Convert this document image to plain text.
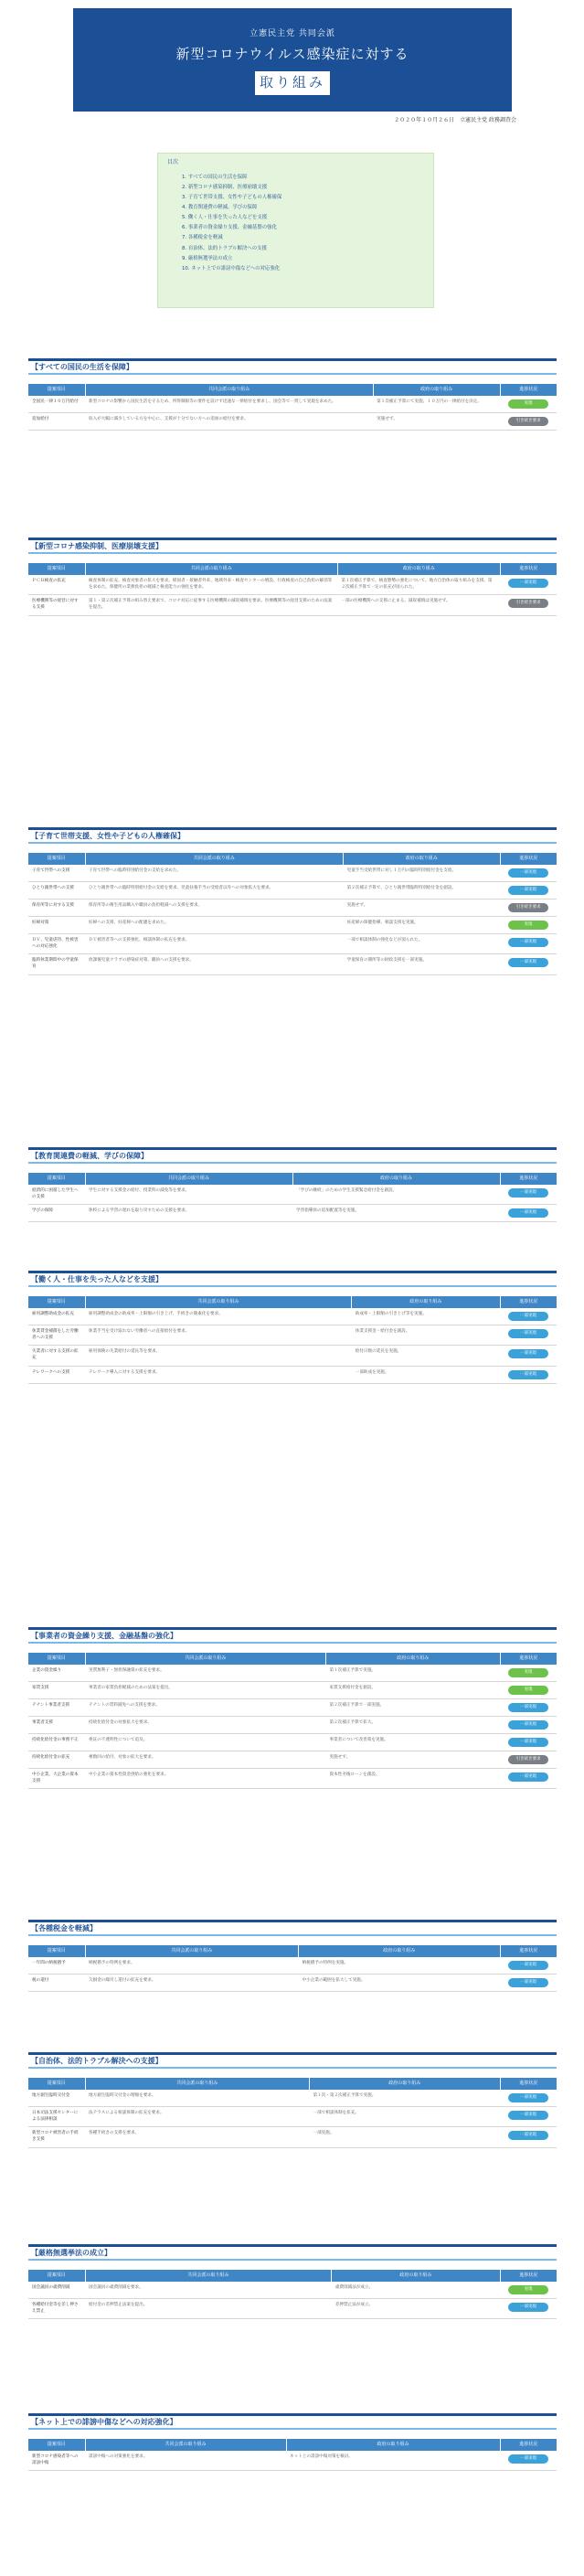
立憲民主党 共同会派
新型コロナウイルス感染症に対する
取り組み
２０２０年１０月２６日　立憲民主党 政務調査会
目次
1. すべての国民の生活を保障
2. 新型コロナ感染抑制、医療崩壊支援
3. 子育て世帯支援、女性や子どもの人権確保
4. 教育関連費の軽減、学びの保障
5. 働く人・仕事を失った人などを支援
6. 事業者の資金繰り支援、金融基盤の強化
7. 各種税金を軽減
8. 自治体、法的トラブル解決への支援
9. 厳格無選挙法の成立
10. ネット上での誹謗中傷などへの対応強化
【すべての国民の生活を保障】
提案項目	共同会派の取り組み	政府の取り組み	進捗状況
全国民一律１０万円給付	新型コロナの影響から国民生活を守るため、所得制限等の要件を設けず迅速な一律給付を要求し、国会等で一貫して実現を求めた。	第１次補正予算にて実施、１０万円の一律給付を決定。	実現
追加給付	収入が大幅に減少している方を中心に、支援が十分でない方への追加の給付を要求。	実施せず。	引き続き要求
【新型コロナ感染抑制、医療崩壊支援】
提案項目	共同会派の取り組み	政府の取り組み	進捗状況
ＰＣＲ検査の拡充	検査体制の拡充、検査対象者の拡大を要求。帰国者・接触者外来、地域外来・検査センターの増設、行政検査の自己負担の解消等を求めた。保健所の業務負担の軽減と検査能力の強化を要求。	第１次補正予算で、検査態勢の強化について、地方自治体の取り組みを支援。第２次補正予算で一定の拡充が図られた。	一部実現
医療機関等の経営に対する支援	第１・第２次補正予算の組み替え要求で、コロナ対応に従事する医療機関の減収補填を要求。医療機関等の経営支援のための法案を提出。	一部の医療機関への支援に止まる。減収補填は実施せず。	引き続き要求
【子育て世帯支援、女性や子どもの人権確保】
提案項目	共同会派の取り組み	政府の取り組み	進捗状況
子育て世帯への支援	子育て世帯への臨時特別給付金の支給を求めた。	児童手当受給世帯に対し１万円の臨時特別給付金を支給。	一部実現
ひとり親世帯への支援	ひとり親世帯への臨時特別給付金の支給を要求。児童扶養手当の受給者以外への対象拡大を要求。	第２次補正予算で、ひとり親世帯臨時特別給付金を創設。	一部実現
保育所等に対する支援	保育所等の衛生用品購入や職員の負担軽減への支援を要求。	実施せず。	引き続き要求
妊婦対策	妊婦への支援、妊産婦への配慮を求めた。	妊産婦の保健指導、相談支援を実施。	実現
ＤＶ、児童虐待、性被害への対応強化	ＤＶ被害者等への支援強化、相談体制の拡充を要求。	一部で相談体制の強化などが図られた。	一部実現
臨時休業期間中の学童保育	放課後児童クラブの感染症対策、職員への支援を要求。	学童保育の開所等の財政支援を一部実施。	一部実現
【教育関連費の軽減、学びの保障】
提案項目	共同会派の取り組み	政府の取り組み	進捗状況
経済的に困窮した学生への支援	学生に対する支援金の給付、授業料の減免等を要求。	「学びの継続」のための学生支援緊急給付金を創設。	一部実現
学びの保障	休校による学習の遅れを取り戻すための支援を要求。	学習指導員の追加配置等を実施。	一部実現
【働く人・仕事を失った人などを支援】
提案項目	共同会派の取り組み	政府の取り組み	進捗状況
雇用調整助成金の拡充	雇用調整助成金の助成率・上限額の引き上げ、手続きの簡素化を要求。	助成率・上限額の引き上げ等を実施。	一部実現
休業賃金補償をした労働者への支援	休業手当を受け取れない労働者への直接給付を要求。	休業支援金・給付金を創設。	一部実現
失業者に対する支援の拡充	雇用保険の失業給付の延長等を要求。	給付日数の延長を実施。	一部実現
テレワークへの支援	テレワーク導入に対する支援を要求。	一部助成を実施。	一部実現
【事業者の資金繰り支援、金融基盤の強化】
提案項目	共同会派の取り組み	政府の取り組み	進捗状況
企業の資金繰り	実質無利子・無担保融資の拡充を要求。	第１次補正予算で実施。	実現
家賃支援	事業者の家賃負担軽減のための法案を提出。	家賃支援給付金を創設。	実現
テナント事業者支援	テナントの賃料減免への支援を要求。	第２次補正予算で一部実施。	一部実現
事業者支援	持続化給付金の対象拡大を要求。	第２次補正予算で拡大。	一部実現
持続化給付金の事務不正	委託の不透明性について追及。	事業者について改善策を実施。	一部実現
持続化給付金の拡充	複数回の給付、対象の拡大を要求。	実施せず。	引き続き要求
中小企業、大企業の資本支援	中小企業の資本性資金供給の強化を要求。	資本性劣後ローンを創設。	一部実現
【各種税金を軽減】
提案項目	共同会派の取り組み	政府の取り組み	進捗状況
一年間の納税猶予	納税猶予の特例を要求。	納税猶予の特例を実施。	一部実現
税の還付	欠損金の繰戻し還付の拡充を要求。	中小企業の範囲を拡大して実施。	一部実現
【自治体、法的トラブル解決への支援】
提案項目	共同会派の取り組み	政府の取り組み	進捗状況
地方創生臨時交付金	地方創生臨時交付金の増額を要求。	第１次・第２次補正予算で実施。	一部実現
日本司法支援センターによる法律相談	法テラスによる相談体制の拡充を要求。	一部で相談体制を拡充。	一部実現
新型コロナ被害者の手続き支援	各種手続きの支援を要求。	一部実施。	一部実現
【厳格無選挙法の成立】
提案項目	共同会派の取り組み	政府の取り組み	進捗状況
国会議員の歳費削減	国会議員の歳費削減を要求。	歳費削減法が成立。	実現
各種給付金等を差し押さえ禁止	給付金の差押禁止法案を提出。	差押禁止法が成立。	一部実現
【ネット上での誹謗中傷などへの対応強化】
提案項目	共同会派の取り組み	政府の取り組み	進捗状況
新型コロナ感染者等への誹謗中傷	誹謗中傷への対策強化を要求。	ネット上の誹謗中傷対策を検討。	一部実現
